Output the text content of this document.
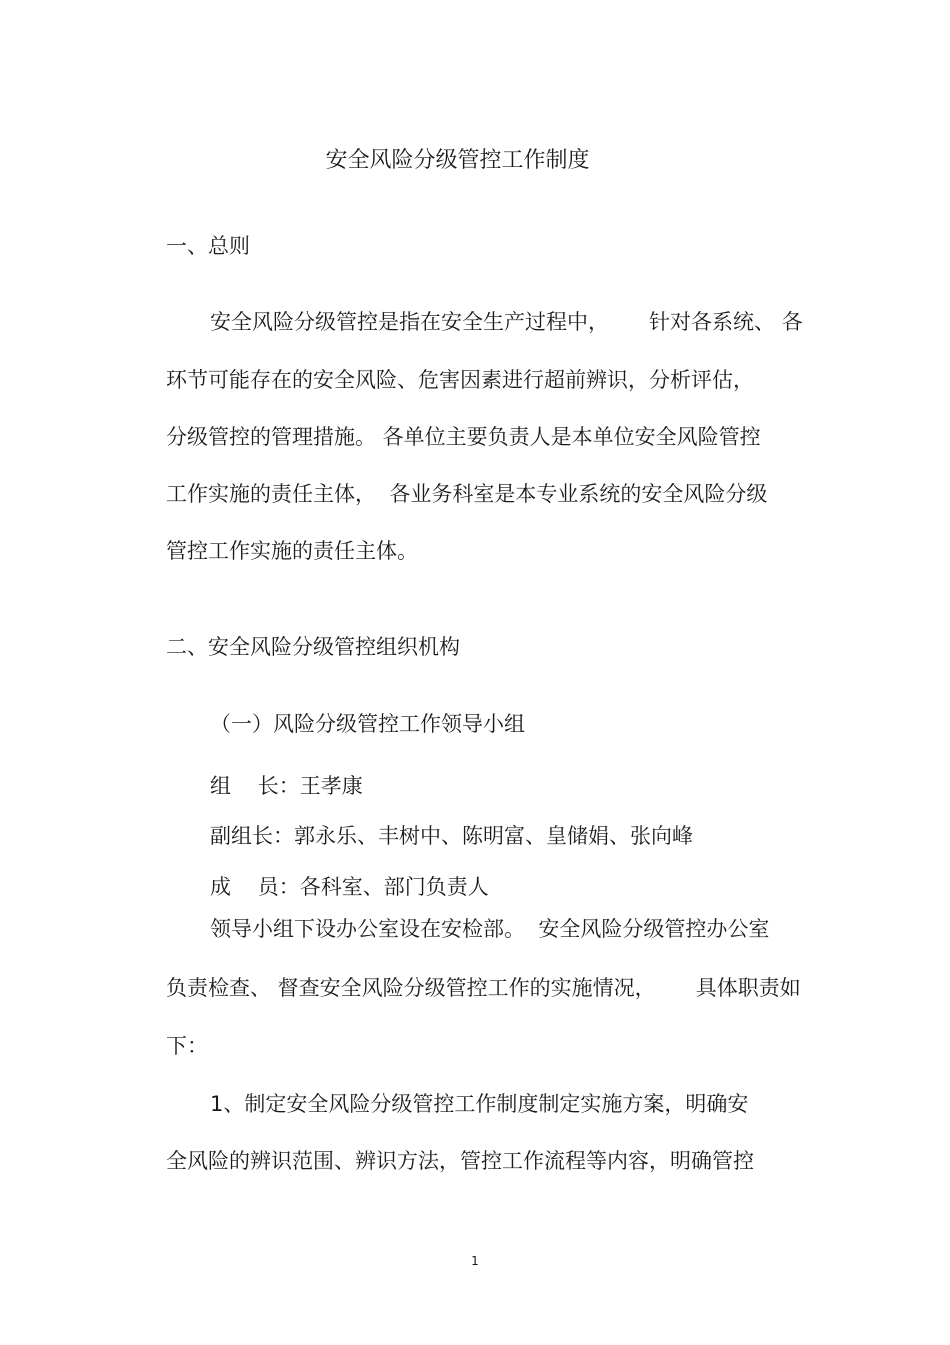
安全风险分级管控工作制度
一、总则
安全风险分级管控是指在安全生产过程中，      针对各系统、 各
环节可能存在的安全风险、危害因素进行超前辨识，分析评估，
分级管控的管理措施。 各单位主要负责人是本单位安全风险管控
工作实施的责任主体，  各业务科室是本专业系统的安全风险分级
管控工作实施的责任主体。
二、安全风险分级管控组织机构
（一）风险分级管控工作领导小组
组    长：王孝康
副组长：郭永乐、丰树中、陈明富、皇储娟、张向峰
成    员：各科室、部门负责人
领导小组下设办公室设在安检部。  安全风险分级管控办公室
负责检查、 督查安全风险分级管控工作的实施情况，      具体职责如
下：
1、制定安全风险分级管控工作制度制定实施方案，明确安
全风险的辨识范围、辨识方法，管控工作流程等内容，明确管控
1
